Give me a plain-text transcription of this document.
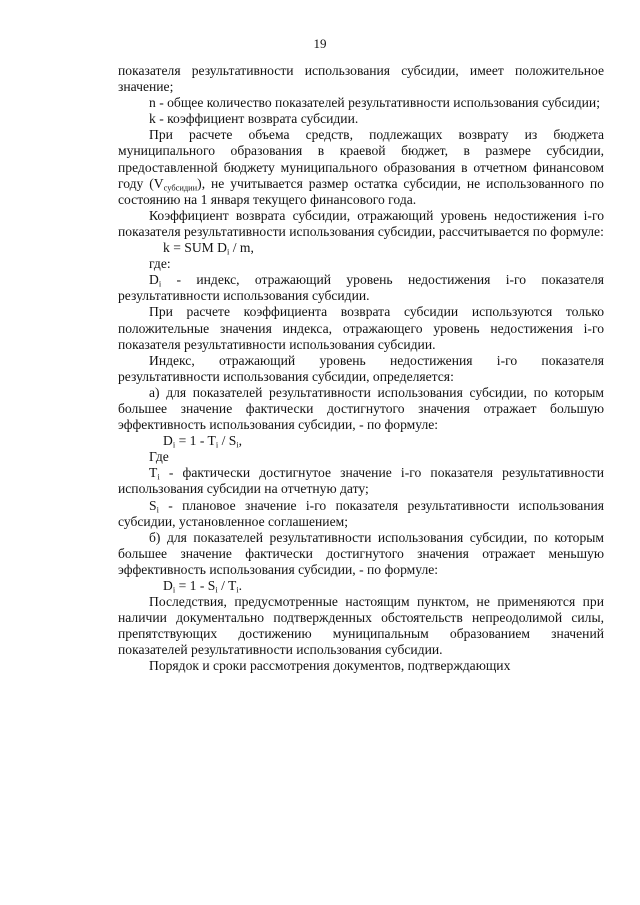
19

показателя результативности использования субсидии, имеет положительное значение;

n - общее количество показателей результативности использования субсидии;

k - коэффициент возврата субсидии.

При расчете объема средств, подлежащих возврату из бюджета муниципального образования в краевой бюджет, в размере субсидии, предоставленной бюджету муниципального образования в отчетном финансовом году $(V_{субсидии})$, не учитывается размер остатка субсидии, не использованного по состоянию на 1 января текущего финансового года.

Коэффициент возврата субсидии, отражающий уровень недостижения i-го показателя результативности использования субсидии, рассчитывается по формуле:

k = SUM $D_i$ / m,

где:

$D_i$ - индекс, отражающий уровень недостижения i-го показателя результативности использования субсидии.

При расчете коэффициента возврата субсидии используются только положительные значения индекса, отражающего уровень недостижения i-го показателя результативности использования субсидии.

Индекс, отражающий уровень недостижения i-го показателя результативности использования субсидии, определяется:

а) для показателей результативности использования субсидии, по которым большее значение фактически достигнутого значения отражает большую эффективность использования субсидии, - по формуле:

$D_i = 1 - T_i / S_i$,

Где

$T_i$ - фактически достигнутое значение i-го показателя результативности использования субсидии на отчетную дату;

$S_i$ - плановое значение i-го показателя результативности использования субсидии, установленное соглашением;

б) для показателей результативности использования субсидии, по которым большее значение фактически достигнутого значения отражает меньшую эффективность использования субсидии, - по формуле:

$D_i = 1 - S_i / T_i$.

Последствия, предусмотренные настоящим пунктом, не применяются при наличии документально подтвержденных обстоятельств непреодолимой силы, препятствующих достижению муниципальным образованием значений показателей результативности использования субсидии.

Порядок и сроки рассмотрения документов, подтверждающих
